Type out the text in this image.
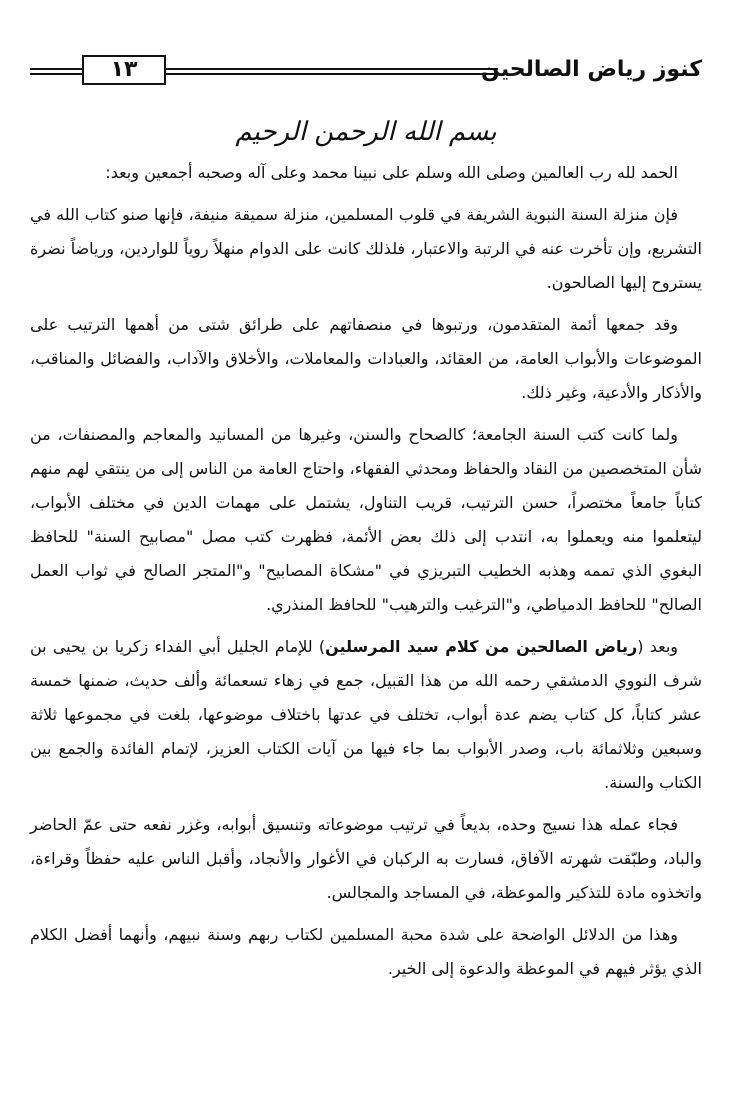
١٣	كنوز رياض الصالحين
بسم الله الرحمن الرحيم

الحمد لله رب العالمين وصلى الله وسلم على نبينا محمد وعلى آله وصحبه أجمعين وبعد:

فإن منزلة السنة النبوية الشريفة في قلوب المسلمين، منزلة سميقة منيفة، فإنها صنو كتاب الله في التشريع، وإن تأخرت عنه في الرتبة والاعتبار، فلذلك كانت على الدوام منهلاً روياً للواردين، ورياضاً نضرة يستروح إليها الصالحون.

وقد جمعها أئمة المتقدمون، ورتبوها في منصفاتهم على طرائق شتى من أهمها الترتيب على الموضوعات والأبواب العامة، من العقائد، والعبادات والمعاملات، والأخلاق والآداب، والفضائل والمناقب، والأذكار والأدعية، وغير ذلك.

ولما كانت كتب السنة الجامعة؛ كالصحاح والسنن، وغيرها من المسانيد والمعاجم والمصنفات، من شأن المتخصصين من النقاد والحفاظ ومحدثي الفقهاء، واحتاج العامة من الناس إلى من ينتقي لهم منهم كتاباً جامعاً مختصراً، حسن الترتيب، قريب التناول، يشتمل على مهمات الدين في مختلف الأبواب، ليتعلموا منه ويعملوا به، انتدب إلى ذلك بعض الأئمة، فظهرت كتب مصل "مصابيح السنة" للحافظ البغوي الذي تممه وهذبه الخطيب التبريزي في "مشكاة المصابيح" و"المتجر الصالح في ثواب العمل الصالح" للحافظ الدمياطي، و"الترغيب والترهيب" للحافظ المنذري.

وبعد (رياض الصالحين من كلام سيد المرسلين) للإمام الجليل أبي الفداء زكريا بن يحيى بن شرف النووي الدمشقي رحمه الله من هذا القبيل، جمع في زهاء تسعمائة وألف حديث، ضمنها خمسة عشر كتاباً، كل كتاب يضم عدة أبواب، تختلف في عدتها باختلاف موضوعها، بلغت في مجموعها ثلاثة وسبعين وثلاثمائة باب، وصدر الأبواب بما جاء فيها من آيات الكتاب العزيز، لإتمام الفائدة والجمع بين الكتاب والسنة.

فجاء عمله هذا نسيج وحده، بديعاً في ترتيب موضوعاته وتنسيق أبوابه، وغزر نفعه حتى عمّ الحاضر والباد، وطبّقت شهرته الآفاق، فسارت به الركبان في الأغوار والأنجاد، وأقبل الناس عليه حفظاً وقراءة، واتخذوه مادة للتذكير والموعظة، في المساجد والمجالس.

وهذا من الدلائل الواضحة على شدة محبة المسلمين لكتاب ربهم وسنة نبيهم، وأنهما أفضل الكلام الذي يؤثر فيهم في الموعظة والدعوة إلى الخير.
